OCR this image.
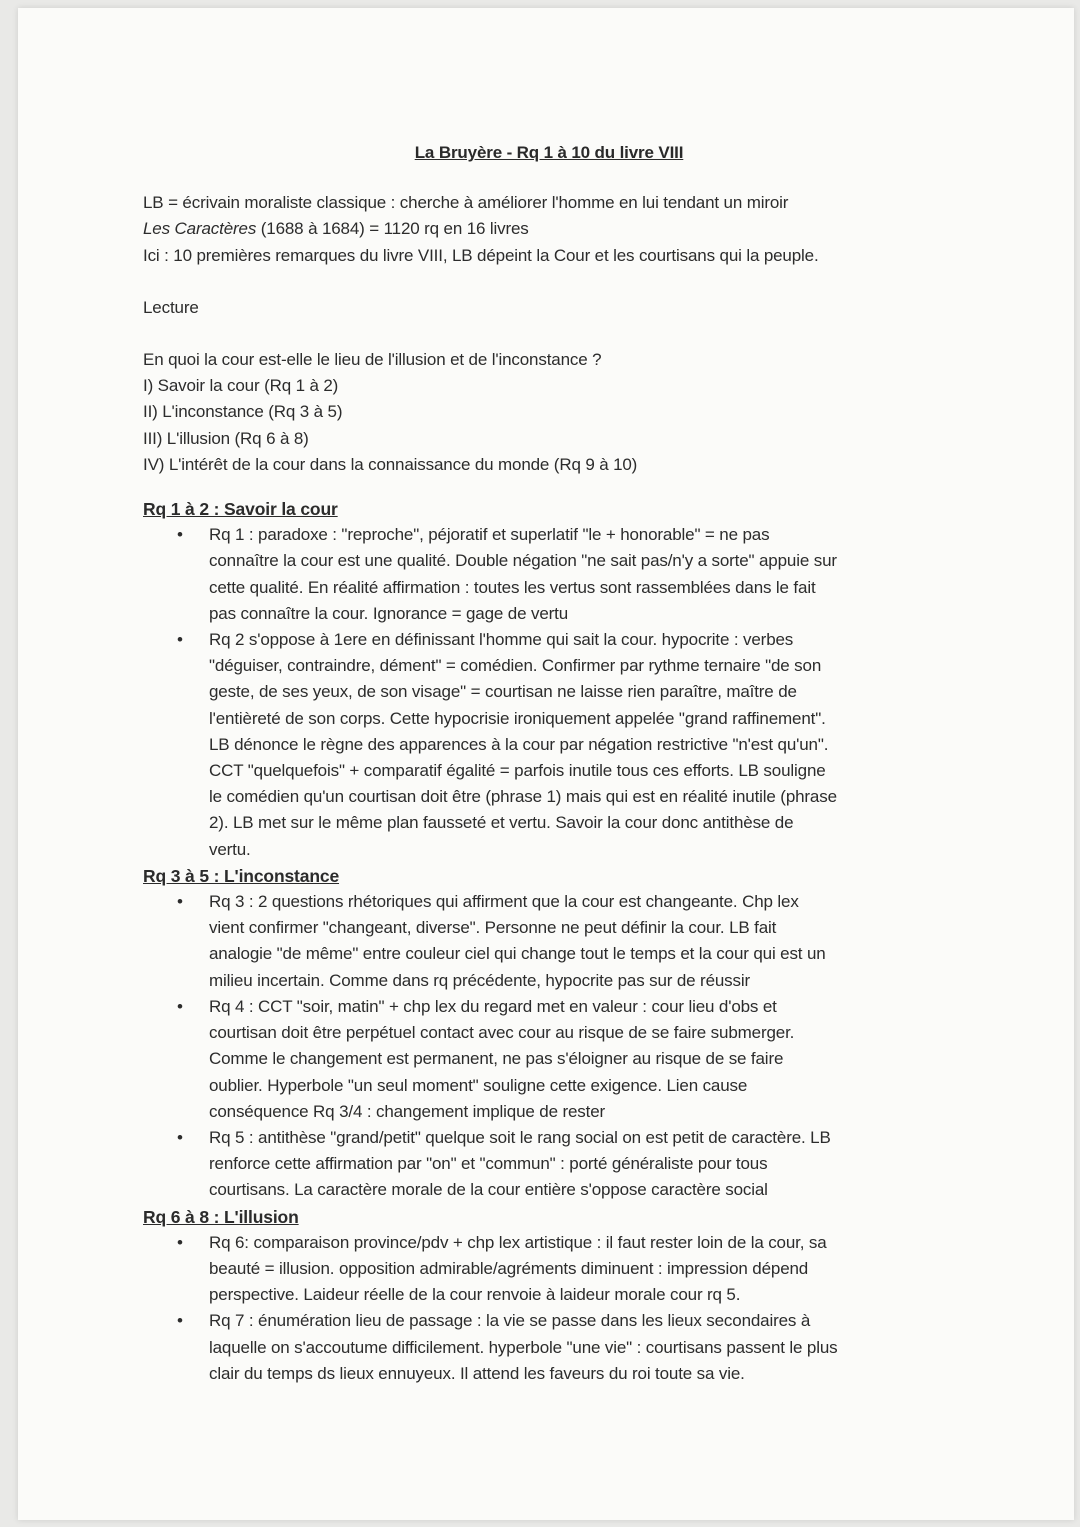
La Bruyère - Rq 1 à 10 du livre VIII
LB = écrivain moraliste classique : cherche à améliorer l'homme en lui tendant un miroir
Les Caractères (1688 à 1684) = 1120 rq en 16 livres
Ici : 10 premières remarques du livre VIII, LB dépeint la Cour et les courtisans qui la peuple.
Lecture
En quoi la cour est-elle le lieu de l'illusion et de l'inconstance ?
I) Savoir la cour (Rq 1 à 2)
II) L'inconstance (Rq 3 à 5)
III) L'illusion (Rq 6 à 8)
IV) L'intérêt de la cour dans la connaissance du monde (Rq 9 à 10)
Rq 1 à 2 : Savoir la cour
• Rq 1 : paradoxe : "reproche", péjoratif et superlatif "le + honorable" = ne pas
connaître la cour est une qualité. Double négation "ne sait pas/n'y a sorte" appuie sur
cette qualité. En réalité affirmation : toutes les vertus sont rassemblées dans le fait
pas connaître la cour. Ignorance = gage de vertu
• Rq 2 s'oppose à 1ere en définissant l'homme qui sait la cour. hypocrite : verbes
"déguiser, contraindre, dément" = comédien. Confirmer par rythme ternaire "de son
geste, de ses yeux, de son visage" = courtisan ne laisse rien paraître, maître de
l'entièreté de son corps. Cette hypocrisie ironiquement appelée "grand raffinement".
LB dénonce le règne des apparences à la cour par négation restrictive "n'est qu'un".
CCT "quelquefois" + comparatif égalité = parfois inutile tous ces efforts. LB souligne
le comédien qu'un courtisan doit être (phrase 1) mais qui est en réalité inutile (phrase
2). LB met sur le même plan fausseté et vertu. Savoir la cour donc antithèse de
vertu.
Rq 3 à 5 : L'inconstance
• Rq 3 : 2 questions rhétoriques qui affirment que la cour est changeante. Chp lex
vient confirmer "changeant, diverse". Personne ne peut définir la cour. LB fait
analogie "de même" entre couleur ciel qui change tout le temps et la cour qui est un
milieu incertain. Comme dans rq précédente, hypocrite pas sur de réussir
• Rq 4 : CCT "soir, matin" + chp lex du regard met en valeur : cour lieu d'obs et
courtisan doit être perpétuel contact avec cour au risque de se faire submerger.
Comme le changement est permanent, ne pas s'éloigner au risque de se faire
oublier. Hyperbole "un seul moment" souligne cette exigence. Lien cause
conséquence Rq 3/4 : changement implique de rester
• Rq 5 : antithèse "grand/petit" quelque soit le rang social on est petit de caractère. LB
renforce cette affirmation par "on" et "commun" : porté généraliste pour tous
courtisans. La caractère morale de la cour entière s'oppose caractère social
Rq 6 à 8 : L'illusion
• Rq 6: comparaison province/pdv + chp lex artistique : il faut rester loin de la cour, sa
beauté = illusion. opposition admirable/agréments diminuent : impression dépend
perspective. Laideur réelle de la cour renvoie à laideur morale cour rq 5.
• Rq 7 : énumération lieu de passage : la vie se passe dans les lieux secondaires à
laquelle on s'accoutume difficilement. hyperbole "une vie" : courtisans passent le plus
clair du temps ds lieux ennuyeux. Il attend les faveurs du roi toute sa vie.
